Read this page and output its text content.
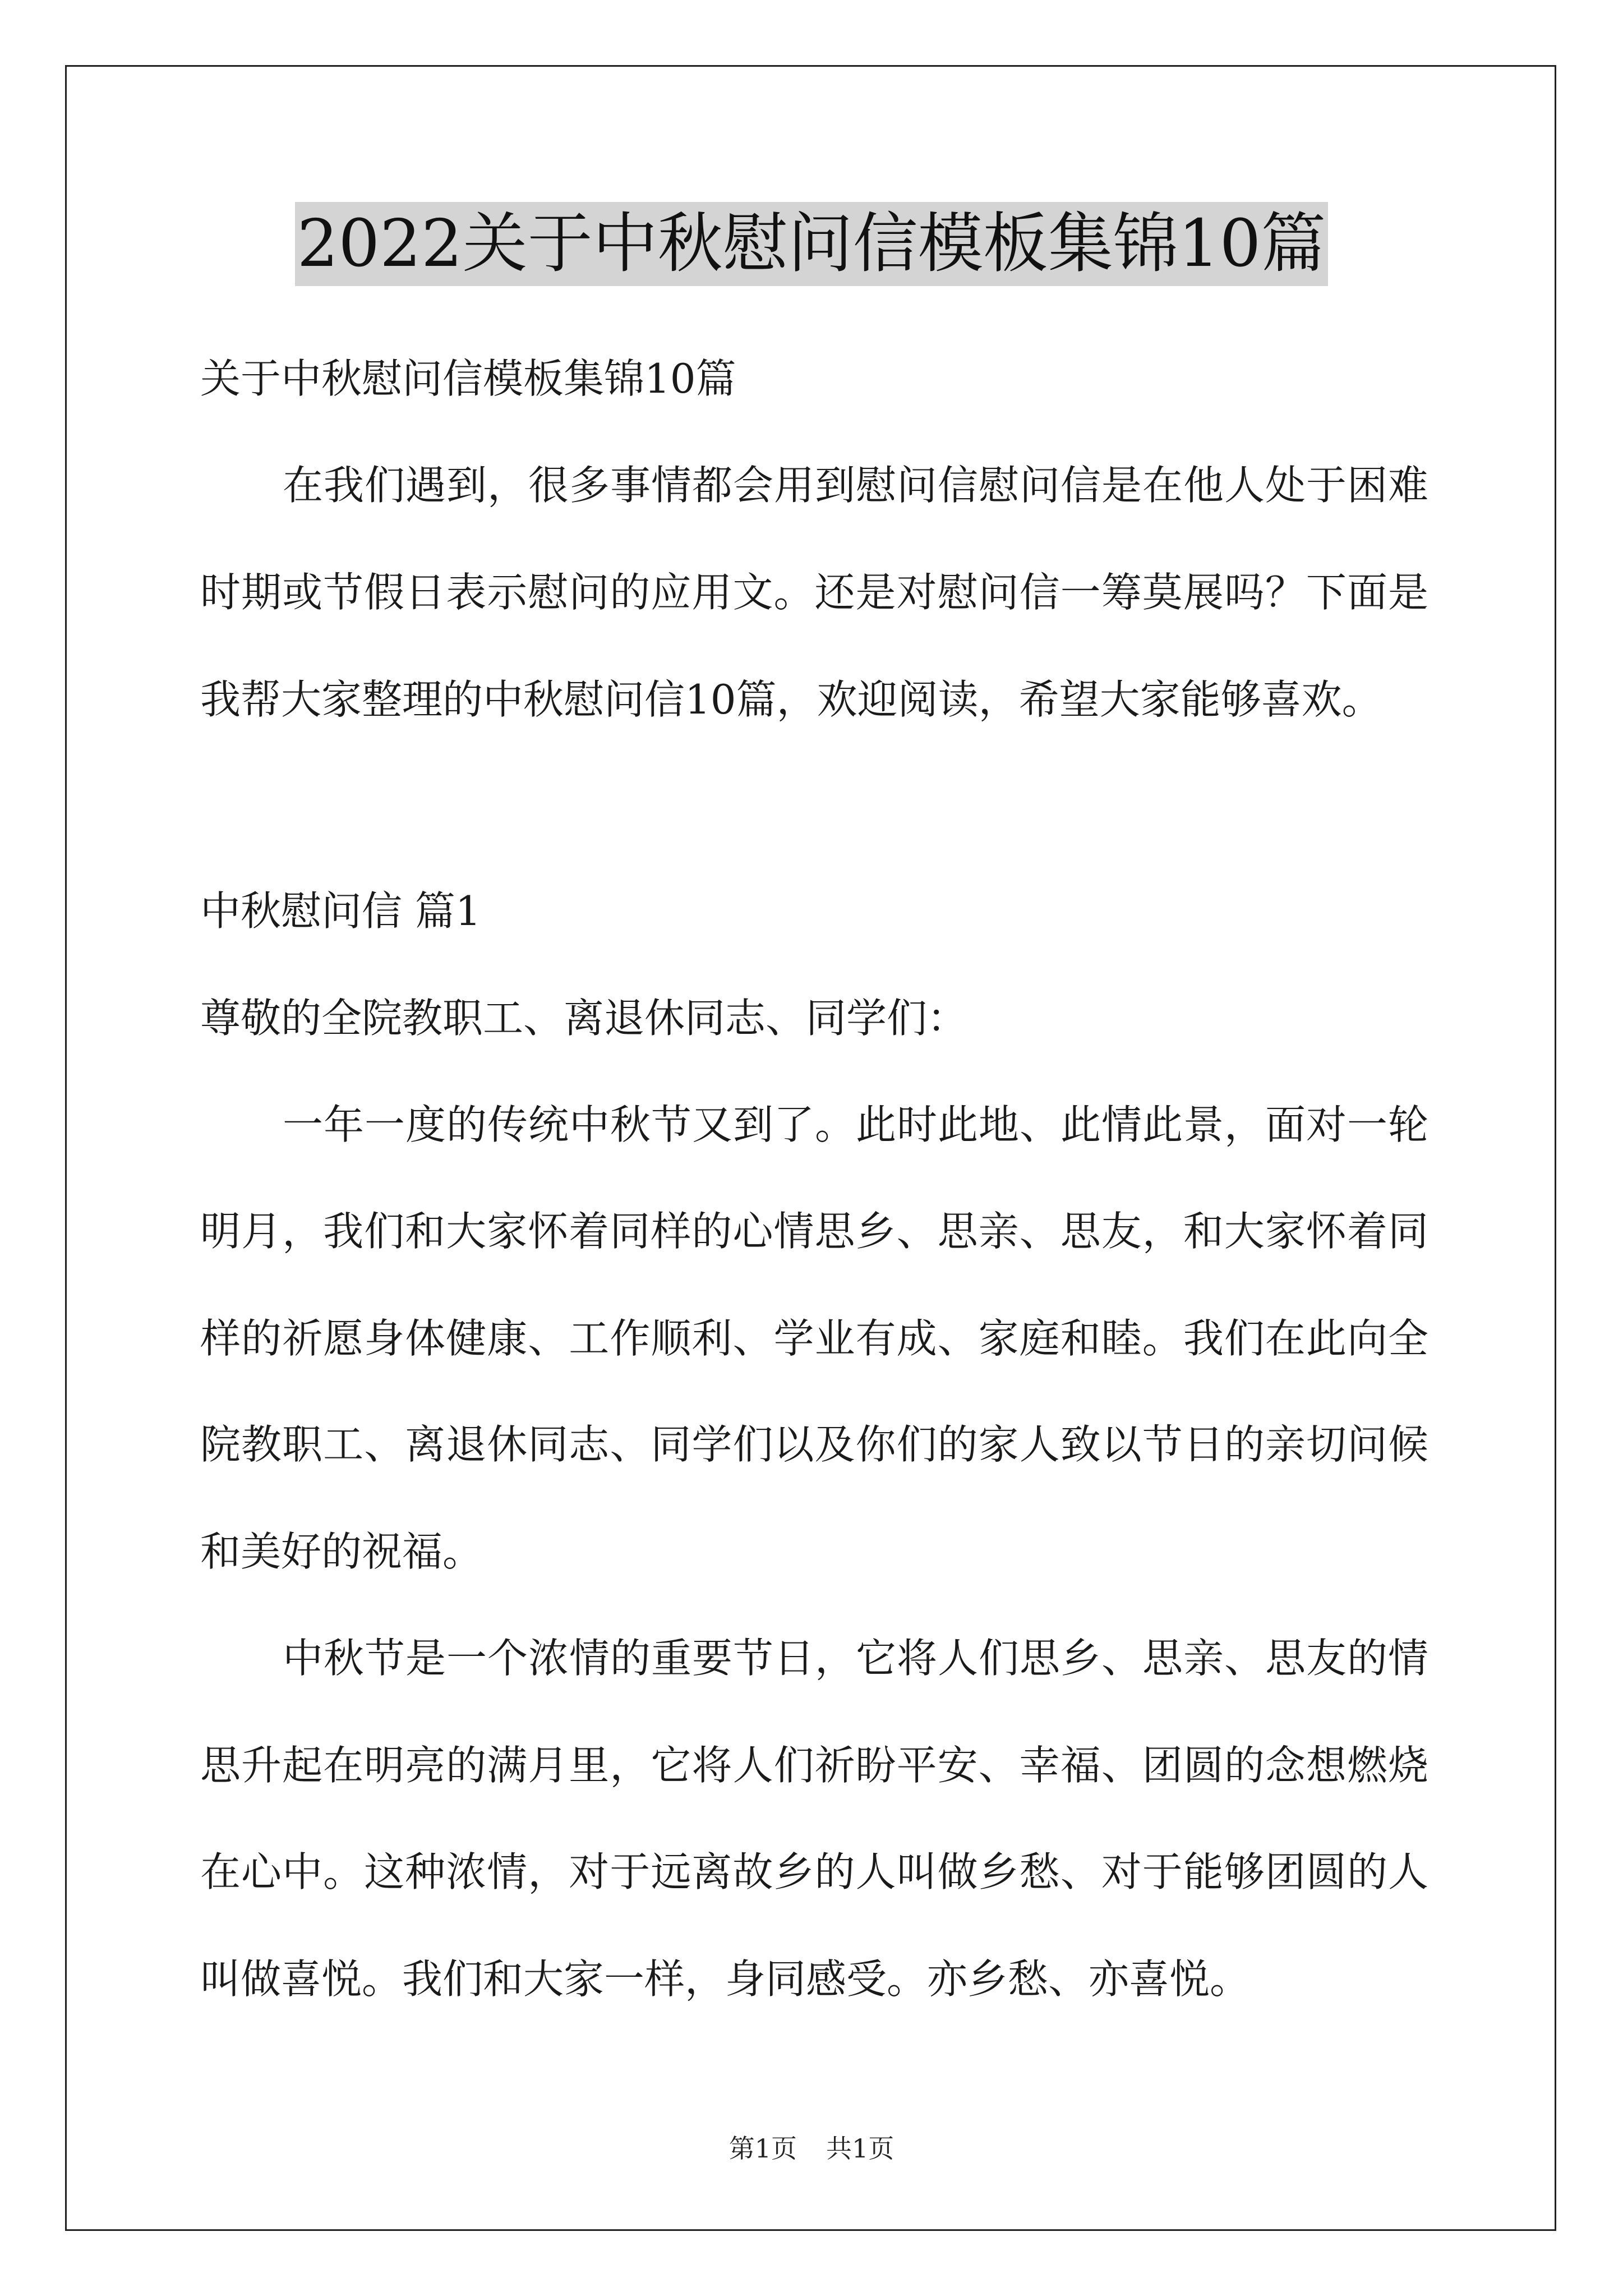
2022关于中秋慰问信模板集锦10篇
关于中秋慰问信模板集锦10篇
在我们遇到，很多事情都会用到慰问信慰问信是在他人处于困难
时期或节假日表示慰问的应用文。还是对慰问信一筹莫展吗？下面是
我帮大家整理的中秋慰问信10篇，欢迎阅读，希望大家能够喜欢。
中秋慰问信 篇1
尊敬的全院教职工、离退休同志、同学们：
一年一度的传统中秋节又到了。此时此地、此情此景，面对一轮
明月，我们和大家怀着同样的心情思乡、思亲、思友，和大家怀着同
样的祈愿身体健康、工作顺利、学业有成、家庭和睦。我们在此向全
院教职工、离退休同志、同学们以及你们的家人致以节日的亲切问候
和美好的祝福。
中秋节是一个浓情的重要节日，它将人们思乡、思亲、思友的情
思升起在明亮的满月里，它将人们祈盼平安、幸福、团圆的念想燃烧
在心中。这种浓情，对于远离故乡的人叫做乡愁、对于能够团圆的人
叫做喜悦。我们和大家一样，身同感受。亦乡愁、亦喜悦。
第1页 共1页
